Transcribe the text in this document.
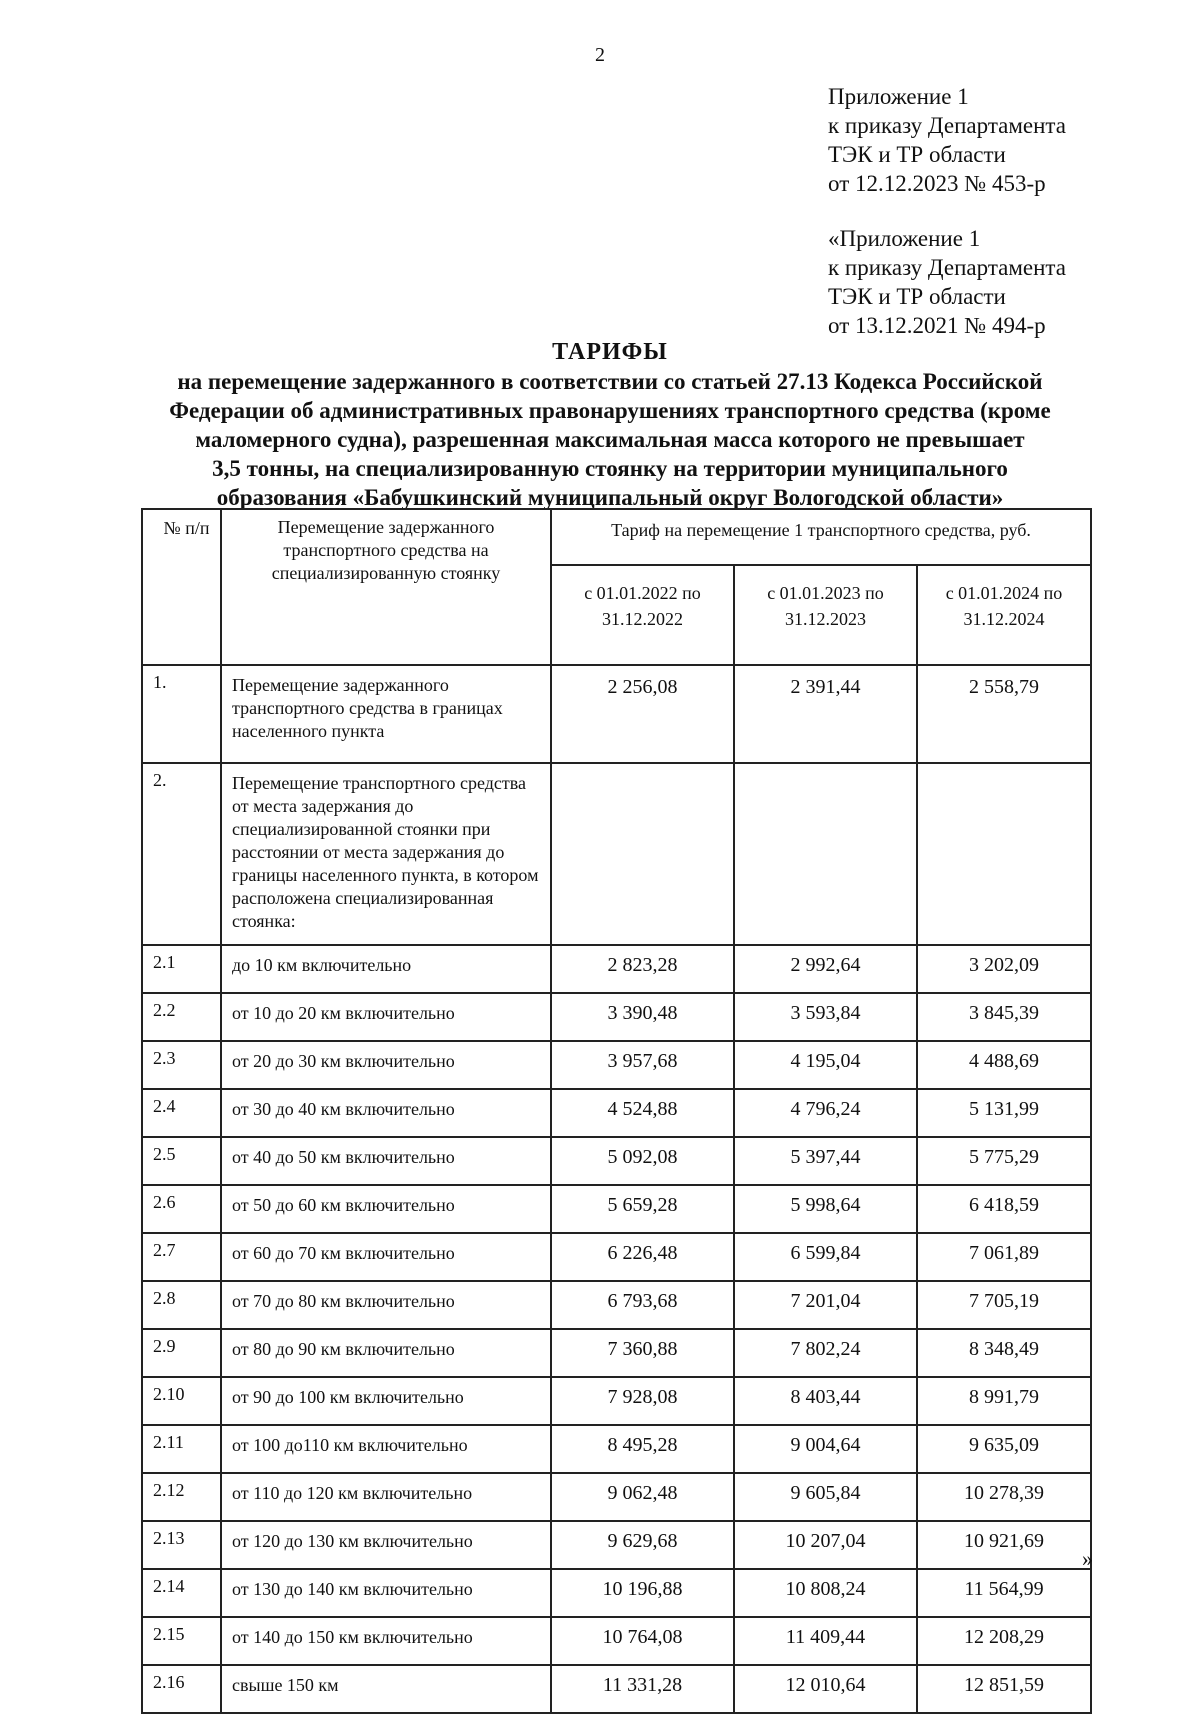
2
Приложение 1
к приказу Департамента
ТЭК и ТР области
от 12.12.2023 № 453-р
«Приложение 1
к приказу Департамента
ТЭК и ТР области
от 13.12.2021 № 494-р
ТАРИФЫ
на перемещение задержанного в соответствии со статьей 27.13 Кодекса Российской
Федерации об административных правонарушениях транспортного средства (кроме
маломерного судна), разрешенная максимальная масса которого не превышает
3,5 тонны, на специализированную стоянку на территории муниципального
образования «Бабушкинский муниципальный округ Вологодской области»
№ п/п	Перемещение задержанного транспортного средства на специализированную стоянку	Тариф на перемещение 1 транспортного средства, руб.		
		с 01.01.2022 по 31.12.2022	с 01.01.2023 по 31.12.2023	с 01.01.2024 по 31.12.2024
1.	Перемещение задержанного транспортного средства в границах населенного пункта	2 256,08	2 391,44	2 558,79
2.	Перемещение транспортного средства от места задержания до специализированной стоянки при расстоянии от места задержания до границы населенного пункта, в котором расположена специализированная стоянка:			
2.1	до 10 км включительно	2 823,28	2 992,64	3 202,09
2.2	от 10 до 20 км включительно	3 390,48	3 593,84	3 845,39
2.3	от 20 до 30 км включительно	3 957,68	4 195,04	4 488,69
2.4	от 30 до 40 км включительно	4 524,88	4 796,24	5 131,99
2.5	от 40 до 50 км включительно	5 092,08	5 397,44	5 775,29
2.6	от 50 до 60 км включительно	5 659,28	5 998,64	6 418,59
2.7	от 60 до 70 км включительно	6 226,48	6 599,84	7 061,89
2.8	от 70 до 80 км включительно	6 793,68	7 201,04	7 705,19
2.9	от 80 до 90 км включительно	7 360,88	7 802,24	8 348,49
2.10	от 90 до 100 км включительно	7 928,08	8 403,44	8 991,79
2.11	от 100 до110 км включительно	8 495,28	9 004,64	9 635,09
2.12	от 110 до 120 км включительно	9 062,48	9 605,84	10 278,39
2.13	от 120 до 130 км включительно	9 629,68	10 207,04	10 921,69
2.14	от 130 до 140 км включительно	10 196,88	10 808,24	11 564,99
2.15	от 140 до 150 км включительно	10 764,08	11 409,44	12 208,29
2.16	свыше 150 км	11 331,28	12 010,64	12 851,59
»
